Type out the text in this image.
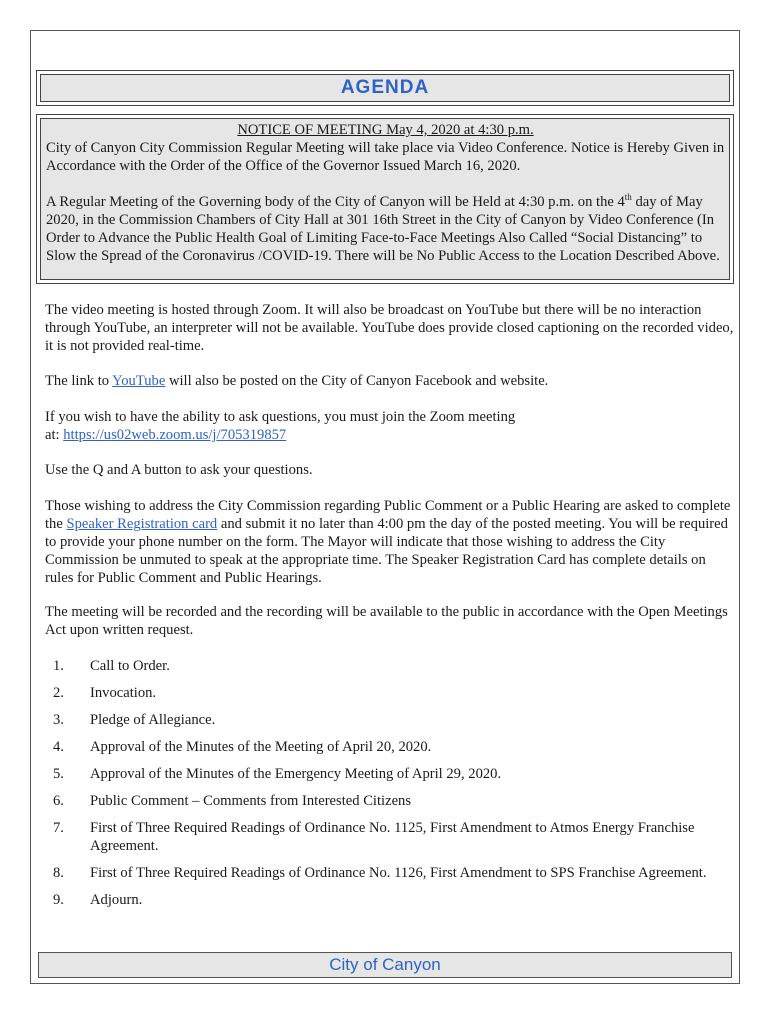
AGENDA

NOTICE OF MEETING May 4, 2020 at 4:30 p.m.

City of Canyon City Commission Regular Meeting will take place via Video Conference. Notice is Hereby Given in Accordance with the Order of the Office of the Governor Issued March 16, 2020.

A Regular Meeting of the Governing body of the City of Canyon will be Held at 4:30 p.m. on the 4th day of May 2020, in the Commission Chambers of City Hall at 301 16th Street in the City of Canyon by Video Conference (In Order to Advance the Public Health Goal of Limiting Face-to-Face Meetings Also Called “Social Distancing” to Slow the Spread of the Coronavirus /COVID-19. There will be No Public Access to the Location Described Above.

The video meeting is hosted through Zoom. It will also be broadcast on YouTube but there will be no interaction through YouTube, an interpreter will not be available. YouTube does provide closed captioning on the recorded video, it is not provided real-time.

The link to YouTube will also be posted on the City of Canyon Facebook and website.

If you wish to have the ability to ask questions, you must join the Zoom meeting
at: https://us02web.zoom.us/j/705319857

Use the Q and A button to ask your questions.

Those wishing to address the City Commission regarding Public Comment or a Public Hearing are asked to complete the Speaker Registration card and submit it no later than 4:00 pm the day of the posted meeting. You will be required to provide your phone number on the form. The Mayor will indicate that those wishing to address the City Commission be unmuted to speak at the appropriate time. The Speaker Registration Card has complete details on rules for Public Comment and Public Hearings.

The meeting will be recorded and the recording will be available to the public in accordance with the Open Meetings Act upon written request.

1.	Call to Order.
2.	Invocation.
3.	Pledge of Allegiance.
4.	Approval of the Minutes of the Meeting of April 20, 2020.
5.	Approval of the Minutes of the Emergency Meeting of April 29, 2020.
6.	Public Comment – Comments from Interested Citizens
7.	First of Three Required Readings of Ordinance No. 1125, First Amendment to Atmos Energy Franchise Agreement.
8.	First of Three Required Readings of Ordinance No. 1126, First Amendment to SPS Franchise Agreement.
9.	Adjourn.
City of Canyon
